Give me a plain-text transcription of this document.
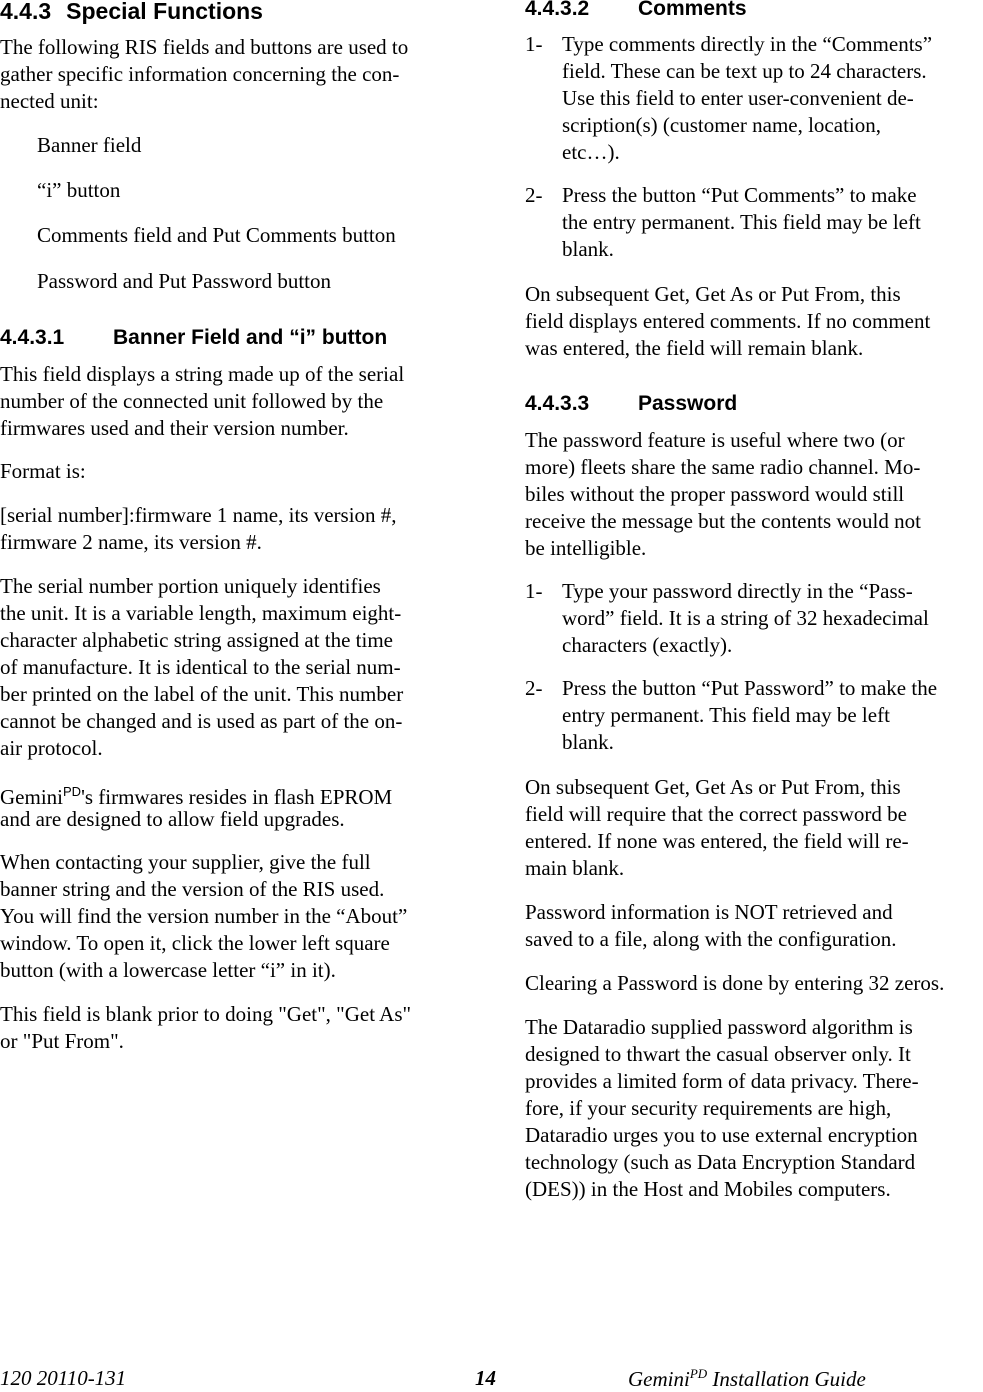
4.4.3 Special Functions
The following RIS fields and buttons are used to
gather specific information concerning the con-
nected unit:
Banner field
“i” button
Comments field and Put Comments button
Password and Put Password button
4.4.3.1 Banner Field and “i” button
This field displays a string made up of the serial
number of the connected unit followed by the
firmwares used and their version number.
Format is:
[serial number]:firmware 1 name, its version #,
firmware 2 name, its version #.
The serial number portion uniquely identifies
the unit. It is a variable length, maximum eight-
character alphabetic string assigned at the time
of manufacture. It is identical to the serial num-
ber printed on the label of the unit. This number
cannot be changed and is used as part of the on-
air protocol.
Gemini$^{PD}$'s firmwares resides in flash EPROM
and are designed to allow field upgrades.
When contacting your supplier, give the full
banner string and the version of the RIS used.
You will find the version number in the “About”
window. To open it, click the lower left square
button (with a lowercase letter “i” in it).
This field is blank prior to doing "Get", "Get As"
or "Put From".
4.4.3.2 Comments
1- Type comments directly in the “Comments”
field. These can be text up to 24 characters.
Use this field to enter user-convenient de-
scription(s) (customer name, location,
etc…).
2- Press the button “Put Comments” to make
the entry permanent. This field may be left
blank.
On subsequent Get, Get As or Put From, this
field displays entered comments. If no comment
was entered, the field will remain blank.
4.4.3.3 Password
The password feature is useful where two (or
more) fleets share the same radio channel. Mo-
biles without the proper password would still
receive the message but the contents would not
be intelligible.
1- Type your password directly in the “Pass-
word” field. It is a string of 32 hexadecimal
characters (exactly).
2- Press the button “Put Password” to make the
entry permanent. This field may be left
blank.
On subsequent Get, Get As or Put From, this
field will require that the correct password be
entered. If none was entered, the field will re-
main blank.
Password information is NOT retrieved and
saved to a file, along with the configuration.
Clearing a Password is done by entering 32 zeros.
The Dataradio supplied password algorithm is
designed to thwart the casual observer only. It
provides a limited form of data privacy. There-
fore, if your security requirements are high,
Dataradio urges you to use external encryption
technology (such as Data Encryption Standard
(DES)) in the Host and Mobiles computers.
120 20110-131	14	Gemini$^{PD}$ Installation Guide
